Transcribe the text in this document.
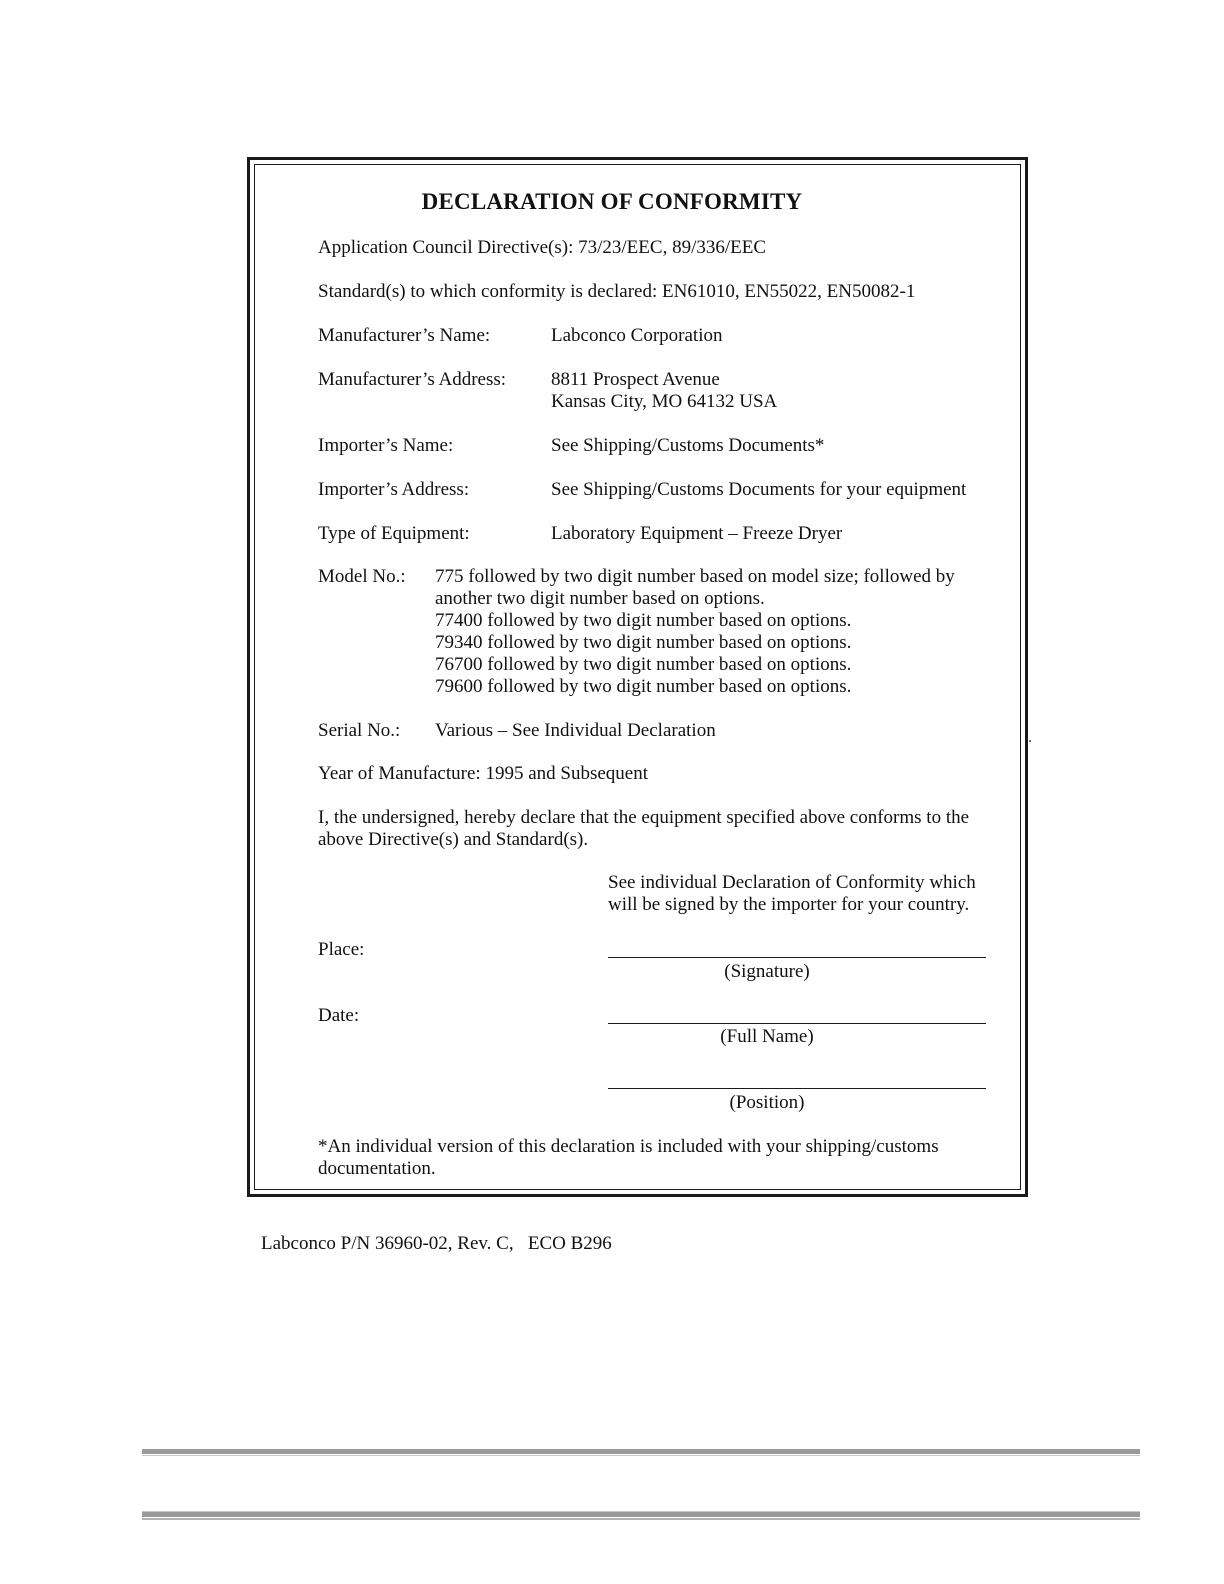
DECLARATION OF CONFORMITY
Application Council Directive(s): 73/23/EEC, 89/336/EEC
Standard(s) to which conformity is declared: EN61010, EN55022, EN50082-1
Manufacturer’s Name:	Labconco Corporation
Manufacturer’s Address: 8811 Prospect Avenue
Kansas City, MO 64132 USA
Importer’s Name:	See Shipping/Customs Documents*
Importer’s Address:	See Shipping/Customs Documents for your equipment
Type of Equipment:	Laboratory Equipment – Freeze Dryer
Model No.: 775 followed by two digit number based on model size; followed by
another two digit number based on options.
77400 followed by two digit number based on options.
79340 followed by two digit number based on options.
76700 followed by two digit number based on options.
79600 followed by two digit number based on options.
Serial No.: Various – See Individual Declaration
Year of Manufacture: 1995 and Subsequent
I, the undersigned, hereby declare that the equipment specified above conforms to the
above Directive(s) and Standard(s).
See individual Declaration of Conformity which
will be signed by the importer for your country.
Place:
(Signature)
Date:
(Full Name)
(Position)
*An individual version of this declaration is included with your shipping/customs
documentation.
Labconco P/N 36960-02, Rev. C,   ECO B296
